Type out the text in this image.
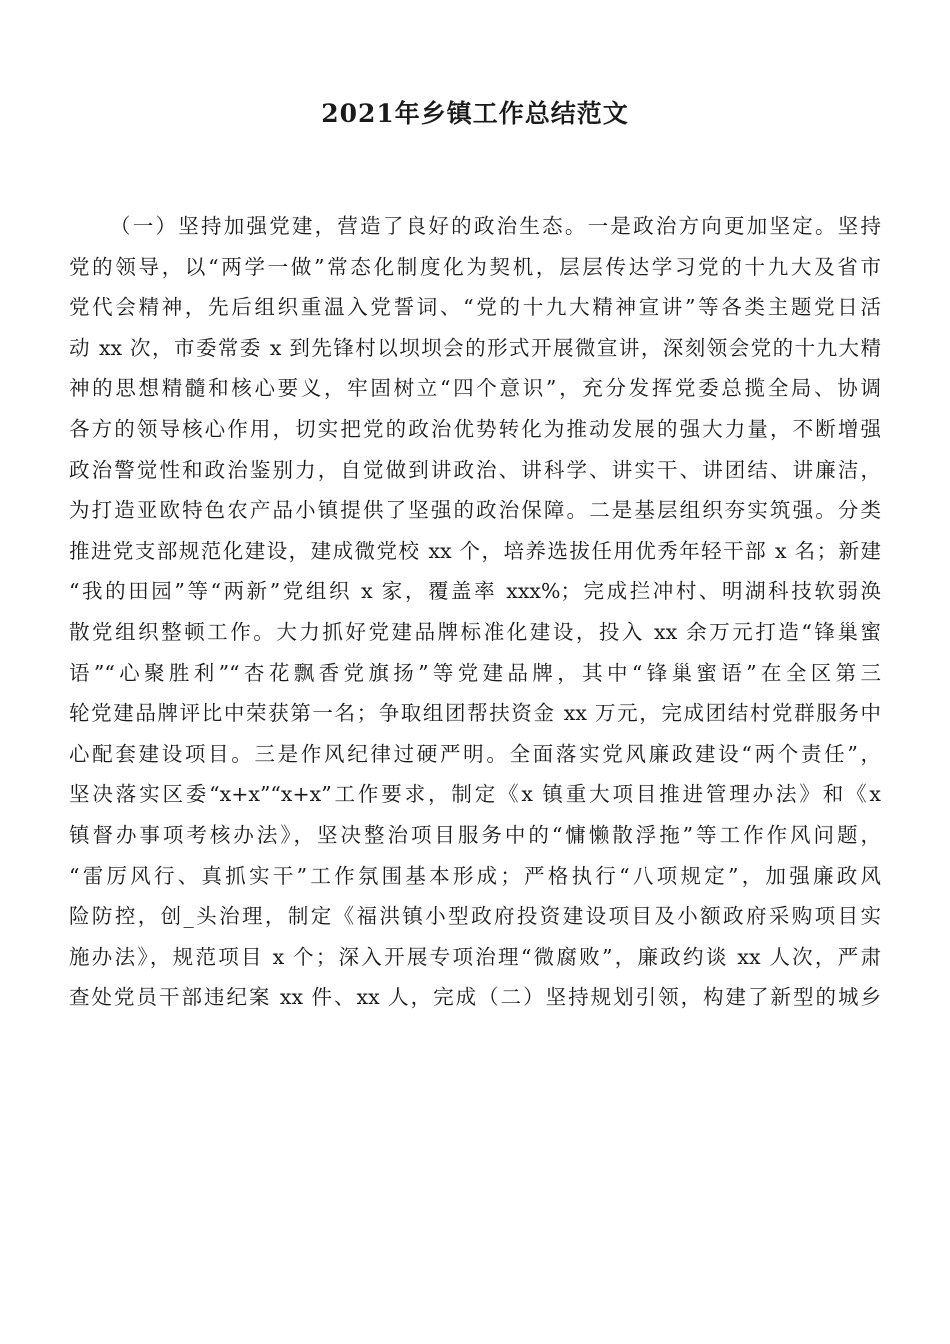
2021年乡镇工作总结范文
（一）坚持加强党建，营造了良好的政治生态。一是政治方向更加坚定。坚持
党的领导，以“两学一做”常态化制度化为契机，层层传达学习党的十九大及省市
党代会精神，先后组织重温入党誓词、“党的十九大精神宣讲”等各类主题党日活
动 xx 次，市委常委 x 到先锋村以坝坝会的形式开展微宣讲，深刻领会党的十九大精
神的思想精髓和核心要义，牢固树立“四个意识”，充分发挥党委总揽全局、协调
各方的领导核心作用，切实把党的政治优势转化为推动发展的强大力量，不断增强
政治警觉性和政治鉴别力，自觉做到讲政治、讲科学、讲实干、讲团结、讲廉洁，
为打造亚欧特色农产品小镇提供了坚强的政治保障。二是基层组织夯实筑强。分类
推进党支部规范化建设，建成微党校 xx 个，培养选拔任用优秀年轻干部 x 名；新建
“我的田园”等“两新”党组织 x 家，覆盖率 xxx%；完成拦冲村、明湖科技软弱涣
散党组织整顿工作。大力抓好党建品牌标准化建设，投入 xx 余万元打造“锋巢蜜
语”“心聚胜利”“杏花飘香党旗扬”等党建品牌，其中“锋巢蜜语”在全区第三
轮党建品牌评比中荣获第一名；争取组团帮扶资金 xx 万元，完成团结村党群服务中
心配套建设项目。三是作风纪律过硬严明。全面落实党风廉政建设“两个责任”，
坚决落实区委“x+x”“x+x”工作要求，制定《x 镇重大项目推进管理办法》和《x
镇督办事项考核办法》，坚决整治项目服务中的“慵懒散浮拖”等工作作风问题，
“雷厉风行、真抓实干”工作氛围基本形成；严格执行“八项规定”，加强廉政风
险防控，创_头治理，制定《福洪镇小型政府投资建设项目及小额政府采购项目实
施办法》，规范项目 x 个；深入开展专项治理“微腐败”，廉政约谈 xx 人次，严肃
查处党员干部违纪案 xx 件、xx 人，完成（二）坚持规划引领，构建了新型的城乡
